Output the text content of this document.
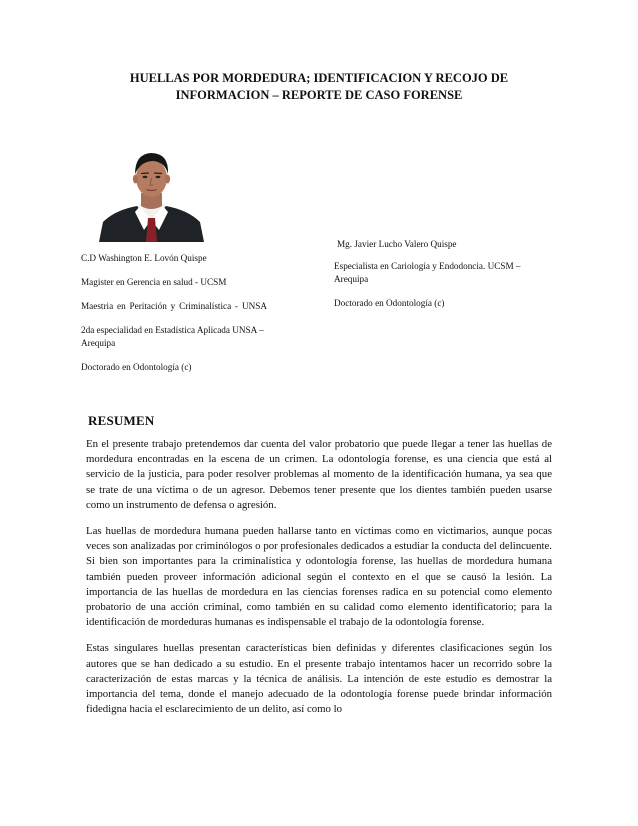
HUELLAS POR MORDEDURA; IDENTIFICACION Y RECOJO DE INFORMACION – REPORTE DE CASO FORENSE

C.D Washington E. Lovón Quispe

Magister en Gerencia en salud - UCSM

Maestria en Peritación y Criminalística - UNSA

2da especialidad en Estadística Aplicada UNSA – Arequipa

Doctorado en Odontología (c)

Mg. Javier Lucho Valero Quispe

Especialista en Cariología y Endodoncia. UCSM – Arequipa

Doctorado en Odontología (c)

RESUMEN

En el presente trabajo pretendemos dar cuenta del valor probatorio que puede llegar a tener las huellas de mordedura encontradas en la escena de un crimen. La odontología forense, es una ciencia que está al servicio de la justicia, para poder resolver problemas al momento de la identificación humana, ya sea que se trate de una víctima o de un agresor. Debemos tener presente que los dientes también pueden usarse como un instrumento de defensa o agresión.

Las huellas de mordedura humana pueden hallarse tanto en víctimas como en victimarios, aunque pocas veces son analizadas por criminólogos o por profesionales dedicados a estudiar la conducta del delincuente. Si bien son importantes para la criminalística y odontología forense, las huellas de mordedura humana también pueden proveer información adicional según el contexto en el que se causó la lesión. La importancia de las huellas de mordedura en las ciencias forenses radica en su potencial como elemento probatorio de una acción criminal, como también en su calidad como elemento identificatorio; para la identificación de mordeduras humanas es indispensable el trabajo de la odontología forense.

Estas singulares huellas presentan características bien definidas y diferentes clasificaciones según los autores que se han dedicado a su estudio. En el presente trabajo intentamos hacer un recorrido sobre la caracterización de estas marcas y la técnica de análisis. La intención de este estudio es demostrar la importancia del tema, donde el manejo adecuado de la odontología forense puede brindar información fidedigna hacia el esclarecimiento de un delito, así como lo
